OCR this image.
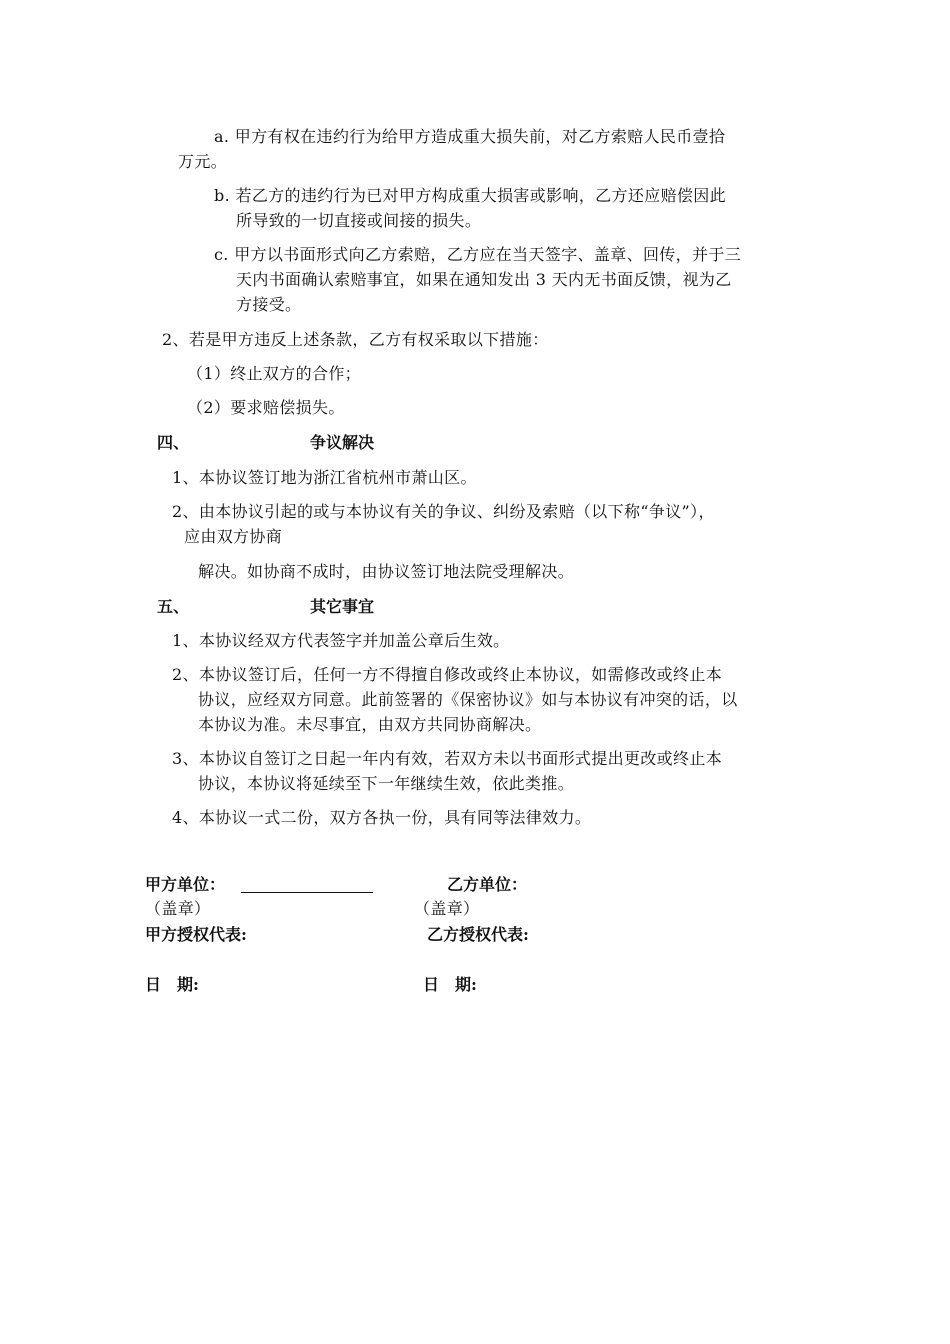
a. 甲方有权在违约行为给甲方造成重大损失前，对乙方索赔人民币壹拾
万元。
b. 若乙方的违约行为已对甲方构成重大损害或影响，乙方还应赔偿因此
所导致的一切直接或间接的损失。
c. 甲方以书面形式向乙方索赔，乙方应在当天签字、盖章、回传，并于三
天内书面确认索赔事宜，如果在通知发出 3 天内无书面反馈，视为乙
方接受。
2、若是甲方违反上述条款，乙方有权采取以下措施：
（1）终止双方的合作；
（2）要求赔偿损失。
四、	争议解决
1、本协议签订地为浙江省杭州市萧山区。
2、由本协议引起的或与本协议有关的争议、纠纷及索赔（以下称“争议”），
应由双方协商
解决。如协商不成时，由协议签订地法院受理解决。
五、	其它事宜
1、本协议经双方代表签字并加盖公章后生效。
2、本协议签订后，任何一方不得擅自修改或终止本协议，如需修改或终止本
协议，应经双方同意。此前签署的《保密协议》如与本协议有冲突的话，以
本协议为准。未尽事宜，由双方共同协商解决。
3、本协议自签订之日起一年内有效，若双方未以书面形式提出更改或终止本
协议，本协议将延续至下一年继续生效，依此类推。
4、本协议一式二份，双方各执一份，具有同等法律效力。
甲方单位：	乙方单位：
（盖章）	（盖章）
甲方授权代表:	乙方授权代表:
日　期:	日　期:
